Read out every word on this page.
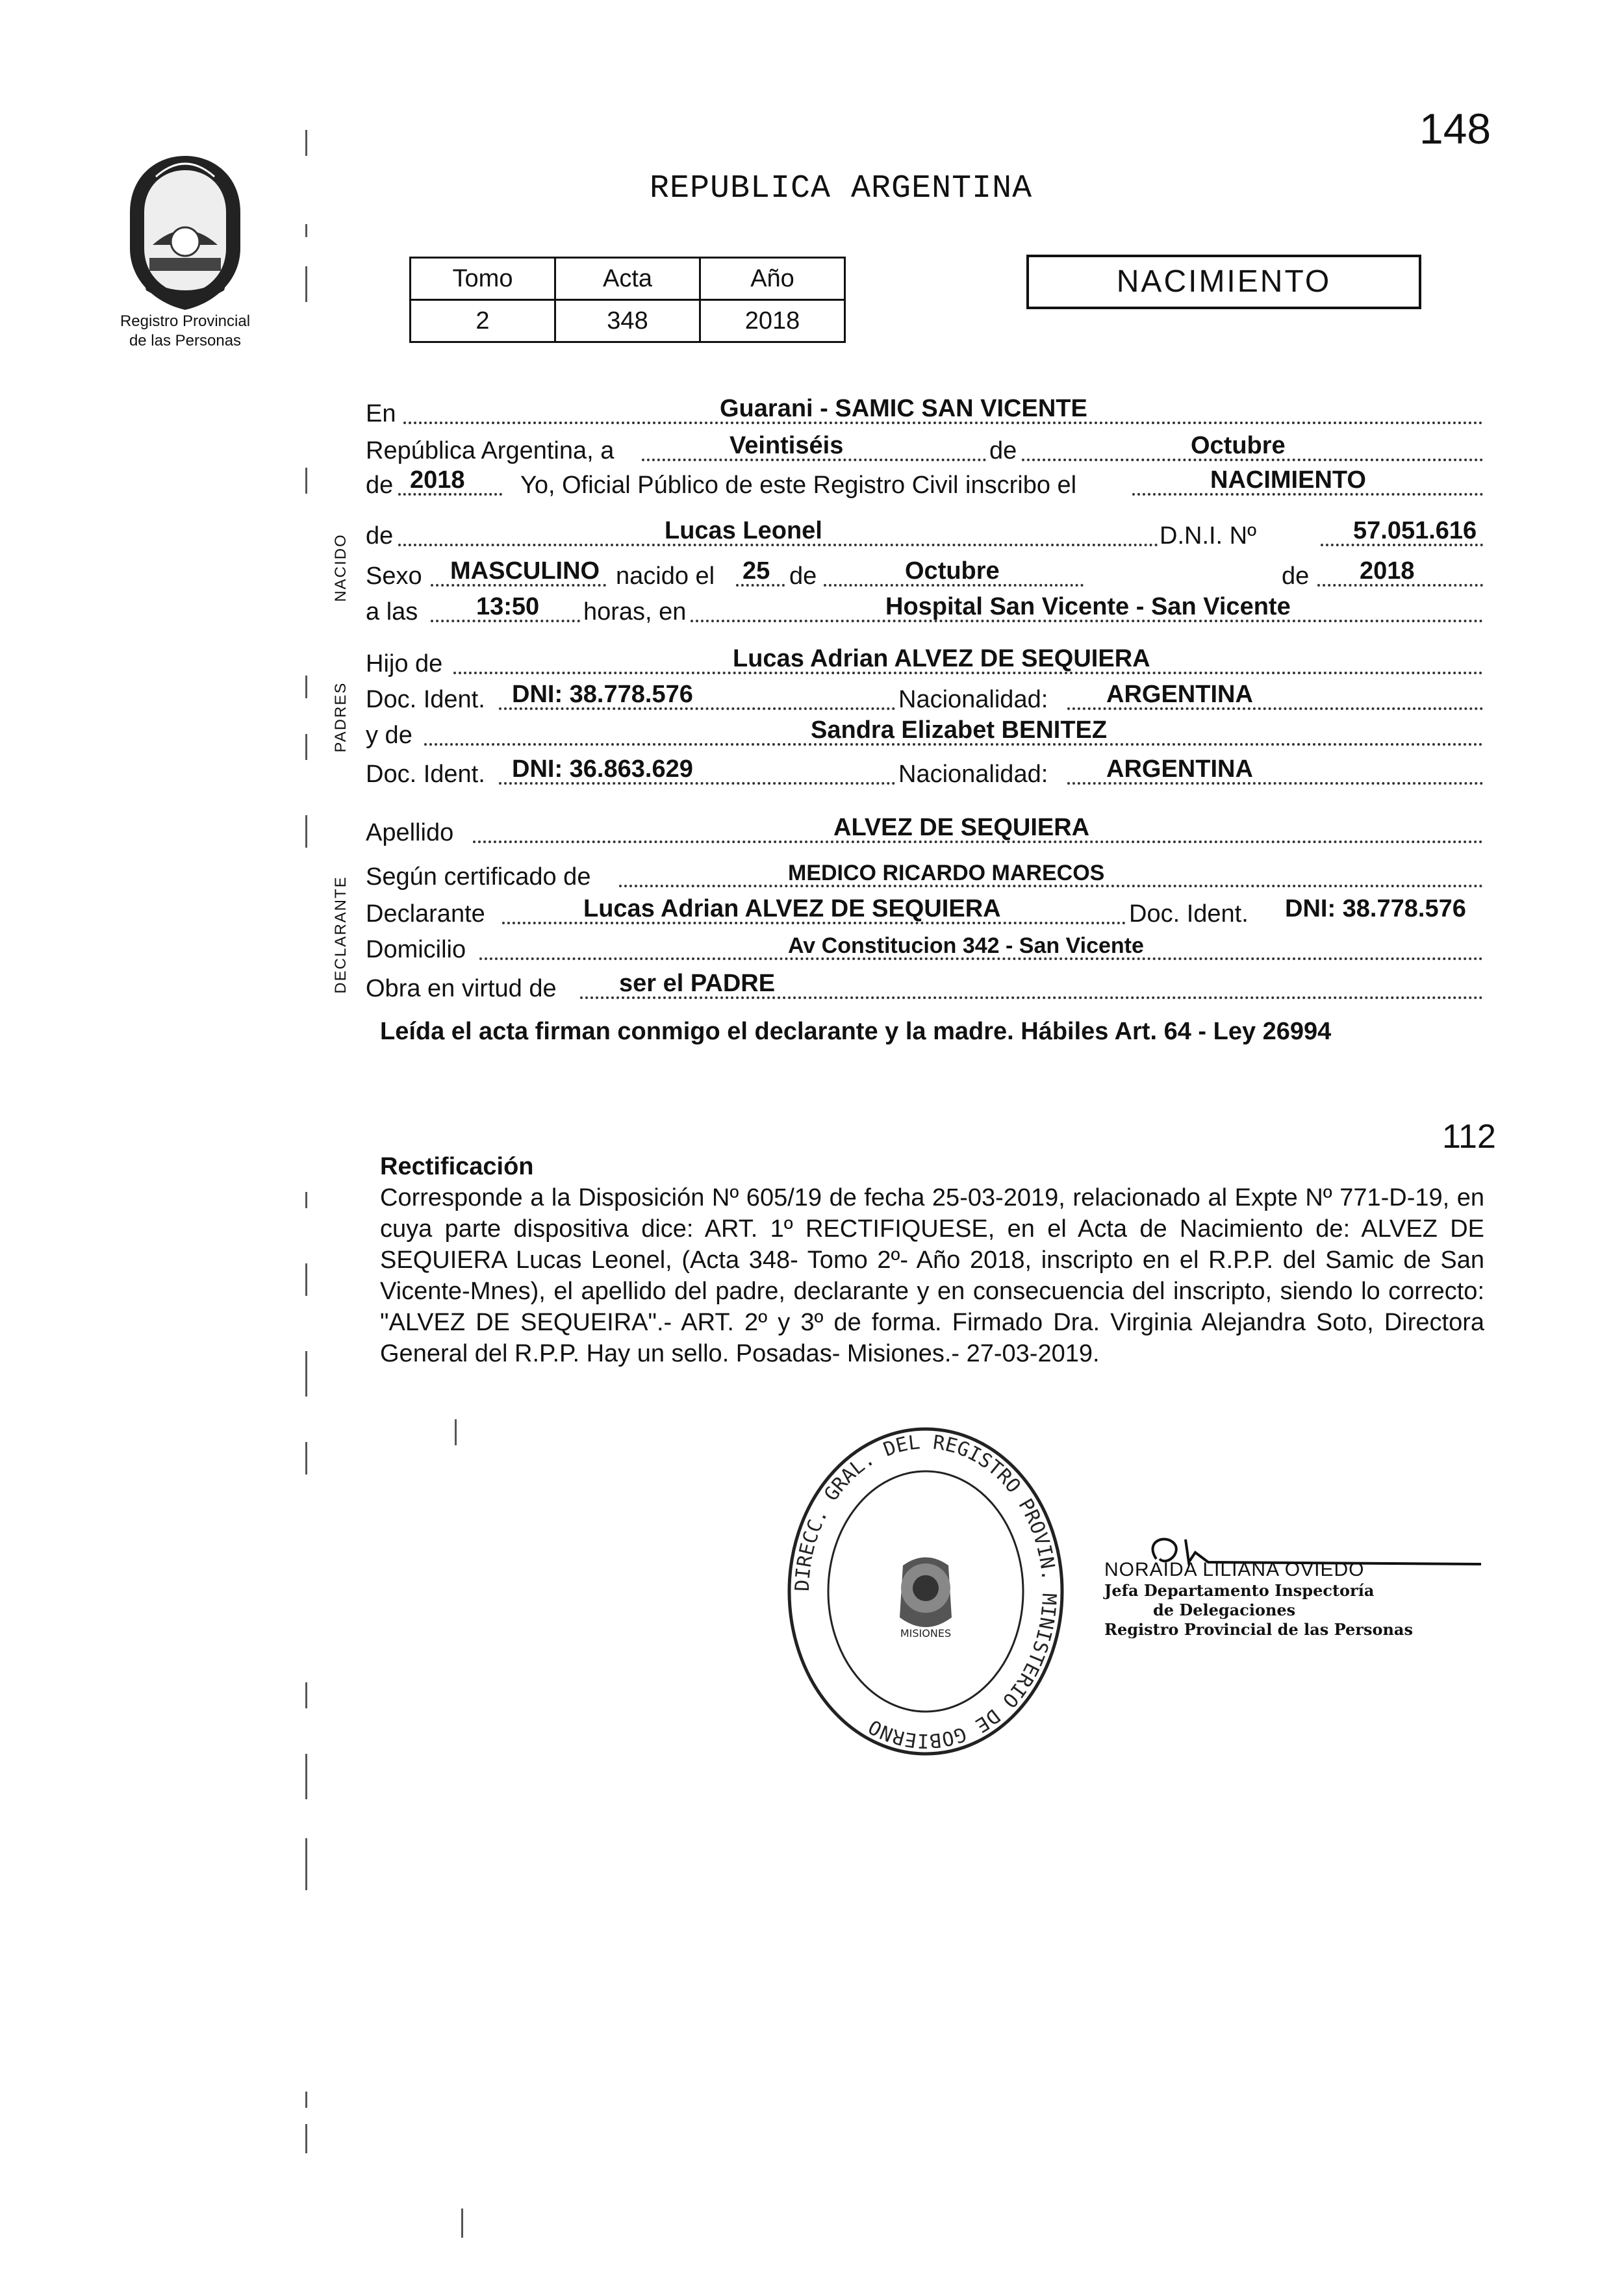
148
Registro Provincial
de las Personas
REPUBLICA ARGENTINA
Tomo	Acta	Año
2	348	2018
NACIMIENTO
NACIDO
PADRES
DECLARANTE
En	Guarani - SAMIC SAN VICENTE
República Argentina, a	Veintiséis	de	Octubre
de 2018 Yo, Oficial Público de este Registro Civil inscribo el	NACIMIENTO
de	Lucas Leonel	D.N.I. Nº	57.051.616
Sexo MASCULINO nacido el 25 de	Octubre	de 2018
a las 13:50 horas, en	Hospital San Vicente - San Vicente
Hijo de	Lucas Adrian ALVEZ DE SEQUIERA
Doc. Ident. DNI: 38.778.576	Nacionalidad: ARGENTINA
y de	Sandra Elizabet BENITEZ
Doc. Ident. DNI: 36.863.629	Nacionalidad: ARGENTINA
Apellido	ALVEZ DE SEQUIERA
Según certificado de	MEDICO RICARDO MARECOS
Declarante	Lucas Adrian ALVEZ DE SEQUIERA	Doc. Ident. DNI: 38.778.576
Domicilio	Av Constitucion 342 - San Vicente
Obra en virtud de	ser el PADRE
Leída el acta firman conmigo el declarante y la madre. Hábiles Art. 64 - Ley 26994
112
Rectificación
Corresponde a la Disposición Nº 605/19 de fecha 25-03-2019, relacionado al Expte Nº 771-D-19, en cuya parte dispositiva dice: ART. 1º RECTIFIQUESE, en el Acta de Nacimiento de: ALVEZ DE SEQUIERA Lucas Leonel, (Acta 348- Tomo 2º- Año 2018, inscripto en el R.P.P. del Samic de San Vicente-Mnes), el apellido del padre, declarante y en consecuencia del inscripto, siendo lo correcto: "ALVEZ DE SEQUEIRA".- ART. 2º y 3º de forma. Firmado Dra. Virginia Alejandra Soto, Directora General del R.P.P. Hay un sello. Posadas- Misiones.- 27-03-2019.
MISIONES
DIRECC. GRAL. DEL REGISTRO PROVIN. MINISTERIO DE GOBIERNO
NORAIDA LILIANA OVIEDO
Jefa Departamento Inspectoría
de Delegaciones
Registro Provincial de las Personas
